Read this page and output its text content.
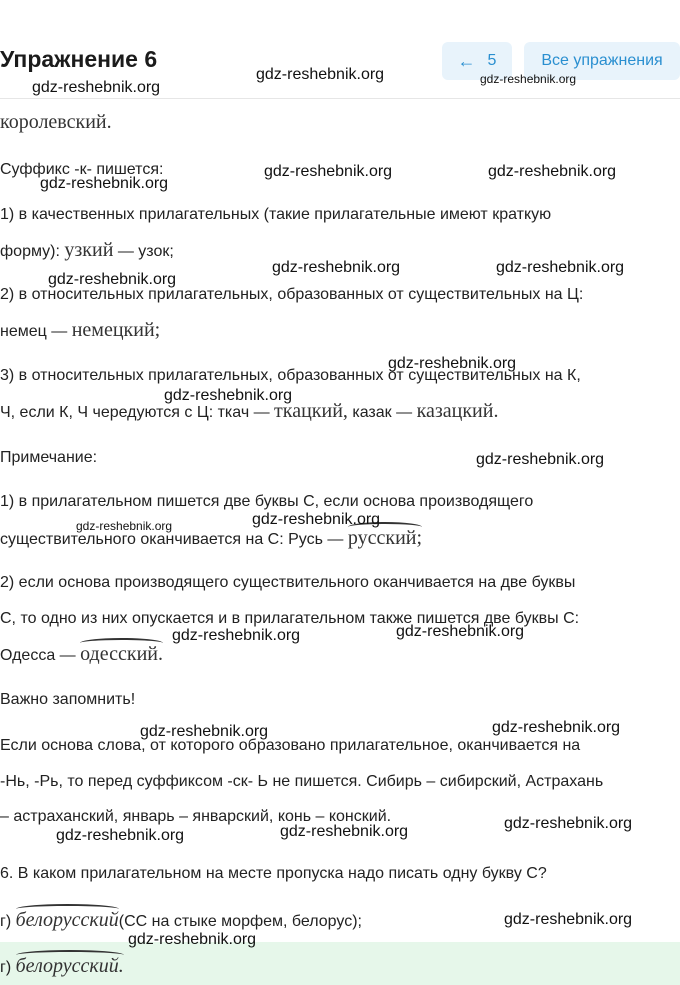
Упражнение 6	← 5	Все упражнения
королевский.
Суффикс -к- пишется:
1) в качественных прилагательных (такие прилагательные имеют краткую
форму): узкий — узок;
2) в относительных прилагательных, образованных от существительных на Ц:
немец — немецкий;
3) в относительных прилагательных, образованных от существительных на К,
Ч, если К, Ч чередуются с Ц: ткач — ткацкий, казак — казацкий.
Примечание:
1) в прилагательном пишется две буквы С, если основа производящего
существительного оканчивается на С: Русь — русский;
2) если основа производящего существительного оканчивается на две буквы
С, то одно из них опускается и в прилагательном также пишется две буквы С:
Одесса — одесский.
Важно запомнить!
Если основа слова, от которого образовано прилагательное, оканчивается на
-Нь, -Рь, то перед суффиксом -ск- Ь не пишется. Сибирь – сибирский, Астрахань
– астраханский, январь – январский, конь – конский.
6. В каком прилагательном на месте пропуска надо писать одну букву С?
г) белорусский(СС на стыке морфем, белорус);
г) белорусский.
gdz-reshebnik.org	gdz-reshebnik.org
gdz-reshebnik.org
gdz-reshebnik.org	gdz-reshebnik.org
gdz-reshebnik.org
gdz-reshebnik.org	gdz-reshebnik.org
gdz-reshebnik.org
gdz-reshebnik.org
gdz-reshebnik.org
gdz-reshebnik.org
gdz-reshebnik.org
gdz-reshebnik.org
gdz-reshebnik.org	gdz-reshebnik.org
gdz-reshebnik.org	gdz-reshebnik.org
gdz-reshebnik.org	gdz-reshebnik.org
gdz-reshebnik.org
gdz-reshebnik.org
gdz-reshebnik.org
